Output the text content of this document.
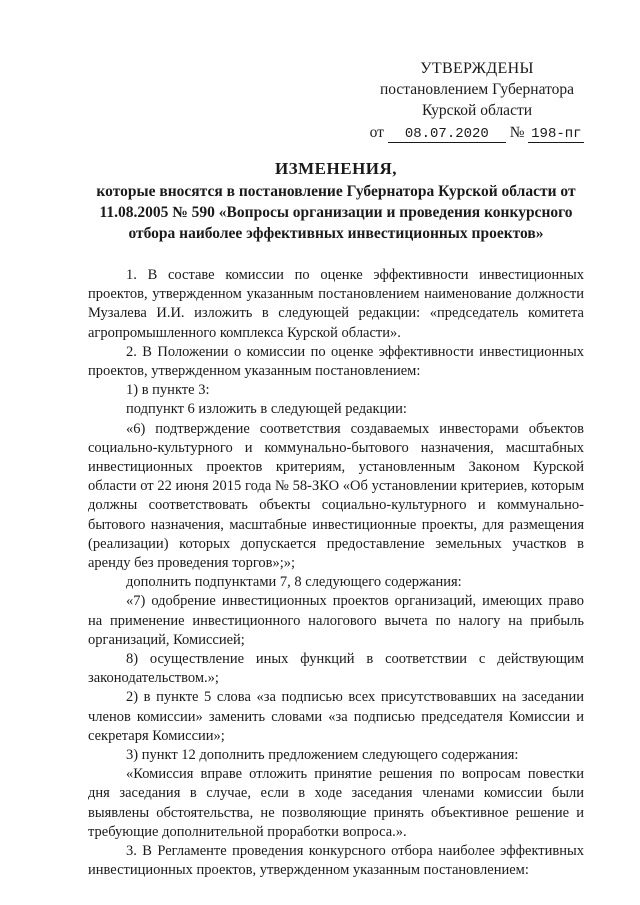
УТВЕРЖДЕНЫ
постановлением Губернатора
Курской области
от 08.07.2020 № 198-пг
ИЗМЕНЕНИЯ,
которые вносятся в постановление Губернатора Курской области от 11.08.2005 № 590 «Вопросы организации и проведения конкурсного отбора наиболее эффективных инвестиционных проектов»

1. В составе комиссии по оценке эффективности инвестиционных проектов, утвержденном указанным постановлением наименование должности Музалева И.И. изложить в следующей редакции: «председатель комитета агропромышленного комплекса Курской области».

2. В Положении о комиссии по оценке эффективности инвестиционных проектов, утвержденном указанным постановлением:

1) в пункте 3:

подпункт 6 изложить в следующей редакции:

«6) подтверждение соответствия создаваемых инвесторами объектов социально-культурного и коммунально-бытового назначения, масштабных инвестиционных проектов критериям, установленным Законом Курской области от 22 июня 2015 года № 58-ЗКО «Об установлении критериев, которым должны соответствовать объекты социально-культурного и коммунально-бытового назначения, масштабные инвестиционные проекты, для размещения (реализации) которых допускается предоставление земельных участков в аренду без проведения торгов»;»;

дополнить подпунктами 7, 8 следующего содержания:

«7) одобрение инвестиционных проектов организаций, имеющих право на применение инвестиционного налогового вычета по налогу на прибыль организаций, Комиссией;

8) осуществление иных функций в соответствии с действующим законодательством.»;

2) в пункте 5 слова «за подписью всех присутствовавших на заседании членов комиссии» заменить словами «за подписью председателя Комиссии и секретаря Комиссии»;

3) пункт 12 дополнить предложением следующего содержания:

«Комиссия вправе отложить принятие решения по вопросам повестки дня заседания в случае, если в ходе заседания членами комиссии были выявлены обстоятельства, не позволяющие принять объективное решение и требующие дополнительной проработки вопроса.».

3. В Регламенте проведения конкурсного отбора наиболее эффективных инвестиционных проектов, утвержденном указанным постановлением:
